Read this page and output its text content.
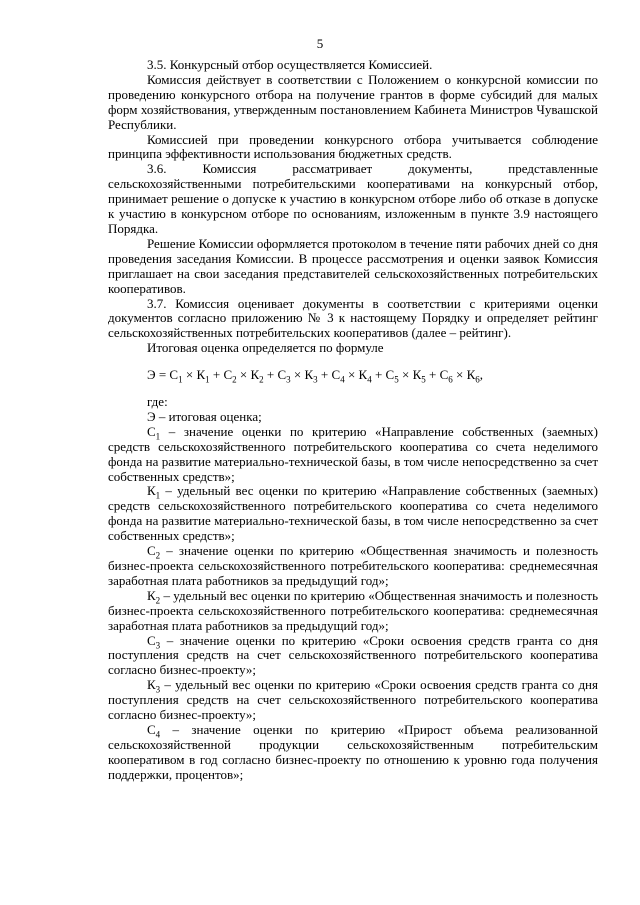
5

3.5. Конкурсный отбор осуществляется Комиссией.

Комиссия действует в соответствии с Положением о конкурсной комиссии по проведению конкурсного отбора на получение грантов в форме субсидий для малых форм хозяйствования, утвержденным постановлением Кабинета Министров Чувашской Республики.

Комиссией при проведении конкурсного отбора учитывается соблюдение принципа эффективности использования бюджетных средств.

3.6. Комиссия рассматривает документы, представленные сельскохозяйственными потребительскими кооперативами на конкурсный отбор, принимает решение о допуске к участию в конкурсном отборе либо об отказе в допуске к участию в конкурсном отборе по основаниям, изложенным в пункте 3.9 настоящего Порядка.

Решение Комиссии оформляется протоколом в течение пяти рабочих дней со дня проведения заседания Комиссии. В процессе рассмотрения и оценки заявок Комиссия приглашает на свои заседания представителей сельскохозяйственных потребительских кооперативов.

3.7. Комиссия оценивает документы в соответствии с критериями оценки документов согласно приложению № 3 к настоящему Порядку и определяет рейтинг сельскохозяйственных потребительских кооперативов (далее – рейтинг).

Итоговая оценка определяется по формуле

$Э = С_1 \times К_1 + С_2 \times К_2 + С_3 \times К_3 + С_4 \times К_4 + С_5 \times К_5 + С_6 \times К_6$,

где:

Э – итоговая оценка;

$С_1$ – значение оценки по критерию «Направление собственных (заемных) средств сельскохозяйственного потребительского кооператива со счета неделимого фонда на развитие материально-технической базы, в том числе непосредственно за счет собственных средств»;

$К_1$ – удельный вес оценки по критерию «Направление собственных (заемных) средств сельскохозяйственного потребительского кооператива со счета неделимого фонда на развитие материально-технической базы, в том числе непосредственно за счет собственных средств»;

$С_2$ – значение оценки по критерию «Общественная значимость и полезность бизнес-проекта сельскохозяйственного потребительского кооператива: среднемесячная заработная плата работников за предыдущий год»;

$К_2$ – удельный вес оценки по критерию «Общественная значимость и полезность бизнес-проекта сельскохозяйственного потребительского кооператива: среднемесячная заработная плата работников за предыдущий год»;

$С_3$ – значение оценки по критерию «Сроки освоения средств гранта со дня поступления средств на счет сельскохозяйственного потребительского кооператива согласно бизнес-проекту»;

$К_3$ – удельный вес оценки по критерию «Сроки освоения средств гранта со дня поступления средств на счет сельскохозяйственного потребительского кооператива согласно бизнес-проекту»;

$С_4$ – значение оценки по критерию «Прирост объема реализованной сельскохозяйственной продукции сельскохозяйственным потребительским кооперативом в год согласно бизнес-проекту по отношению к уровню года получения поддержки, процентов»;
